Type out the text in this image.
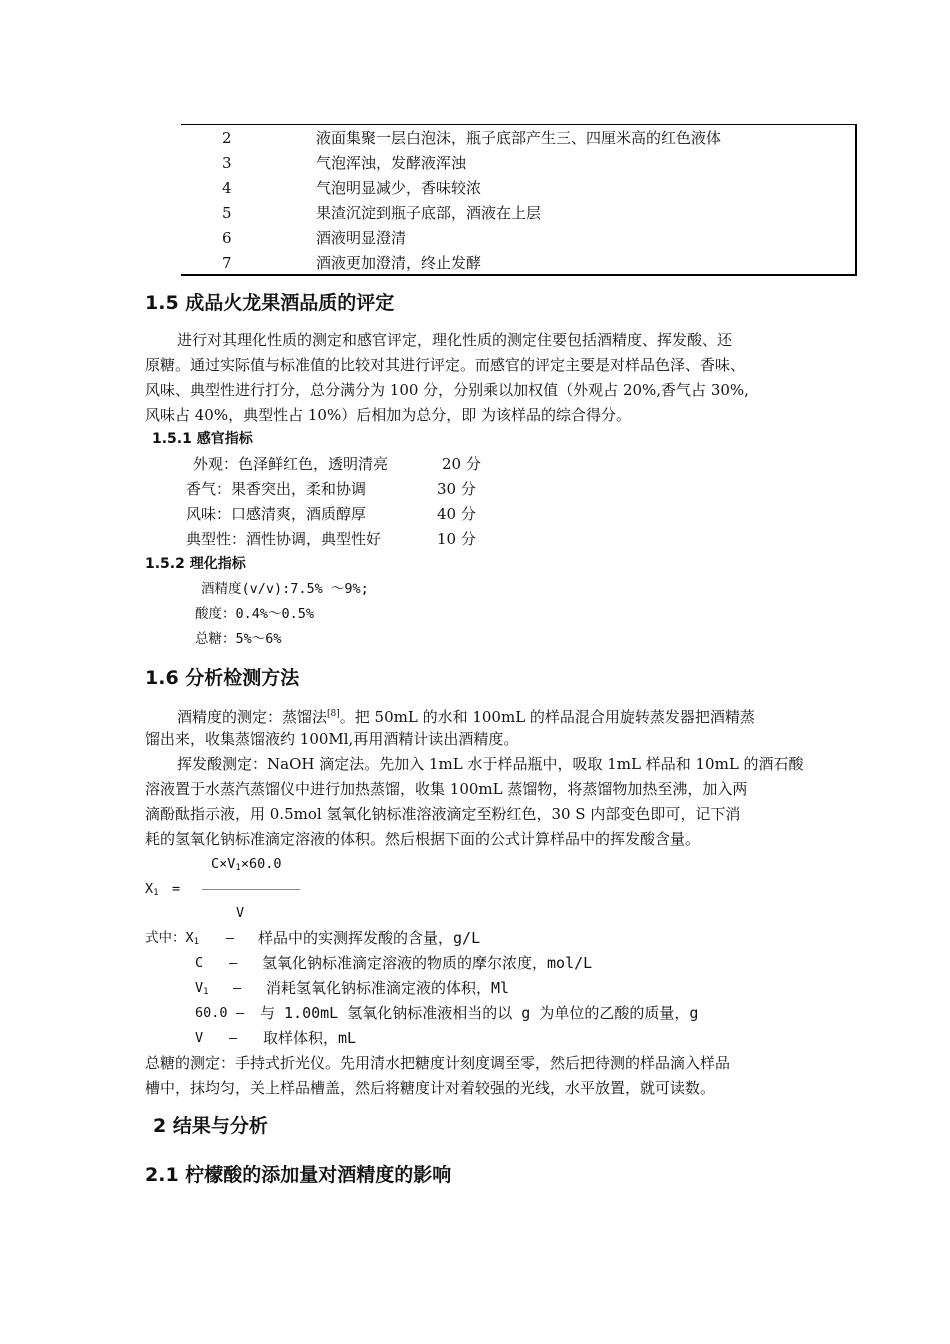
2	液面集聚一层白泡沫，瓶子底部产生三、四厘米高的红色液体
3	气泡浑浊，发酵液浑浊
4	气泡明显减少，香味较浓
5	果渣沉淀到瓶子底部，酒液在上层
6	酒液明显澄清
7	酒液更加澄清，终止发酵
1.5 成品火龙果酒品质的评定
进行对其理化性质的测定和感官评定，理化性质的测定住要包括酒精度、挥发酸、还
原糖。通过实际值与标准值的比较对其进行评定。而感官的评定主要是对样品色泽、香味、
风味、典型性进行打分，总分满分为 100 分，分别乘以加权值（外观占 20%,香气占 30%,
风味占 40%，典型性占 10%）后相加为总分，即 为该样品的综合得分。
1.5.1 感官指标
外观：色泽鲜红色，透明清亮	20 分
香气：果香突出，柔和协调	30 分
风味：口感清爽，酒质醇厚	40 分
典型性：酒性协调，典型性好	10 分
1.5.2 理化指标
酒精度(v/v):7.5% ～9%;
酸度：0.4%～0.5%
总糖：5%～6%
1.6 分析检测方法
酒精度的测定：蒸馏法[8]。把 50mL 的水和 100mL 的样品混合用旋转蒸发器把酒精蒸
馏出来，收集蒸馏液约 100Ml,再用酒精计读出酒精度。
挥发酸测定：NaOH 滴定法。先加入 1mL 水于样品瓶中，吸取 1mL 样品和 10mL 的酒石酸
溶液置于水蒸汽蒸馏仪中进行加热蒸馏，收集 100mL 蒸馏物，将蒸馏物加热至沸，加入两
滴酚酞指示液，用 0.5mol 氢氧化钠标准溶液滴定至粉红色，30 S 内部变色即可，记下消
耗的氢氧化钠标准滴定溶液的体积。然后根据下面的公式计算样品中的挥发酸含量。
$C\times V_1\times 60.0$
$X_1$ =
V
式中：$X_1$ — 样品中的实测挥发酸的含量，g/L
C — 氢氧化钠标准滴定溶液的物质的摩尔浓度，mol/L
$V_1$ — 消耗氢氧化钠标准滴定液的体积，Ml
60.0 — 与 1.00mL 氢氧化钠标准液相当的以 g 为单位的乙酸的质量，g
V — 取样体积，mL
总糖的测定：手持式折光仪。先用清水把糖度计刻度调至零，然后把待测的样品滴入样品
槽中，抹均匀，关上样品槽盖，然后将糖度计对着较强的光线，水平放置，就可读数。
2 结果与分析
2.1 柠檬酸的添加量对酒精度的影响
